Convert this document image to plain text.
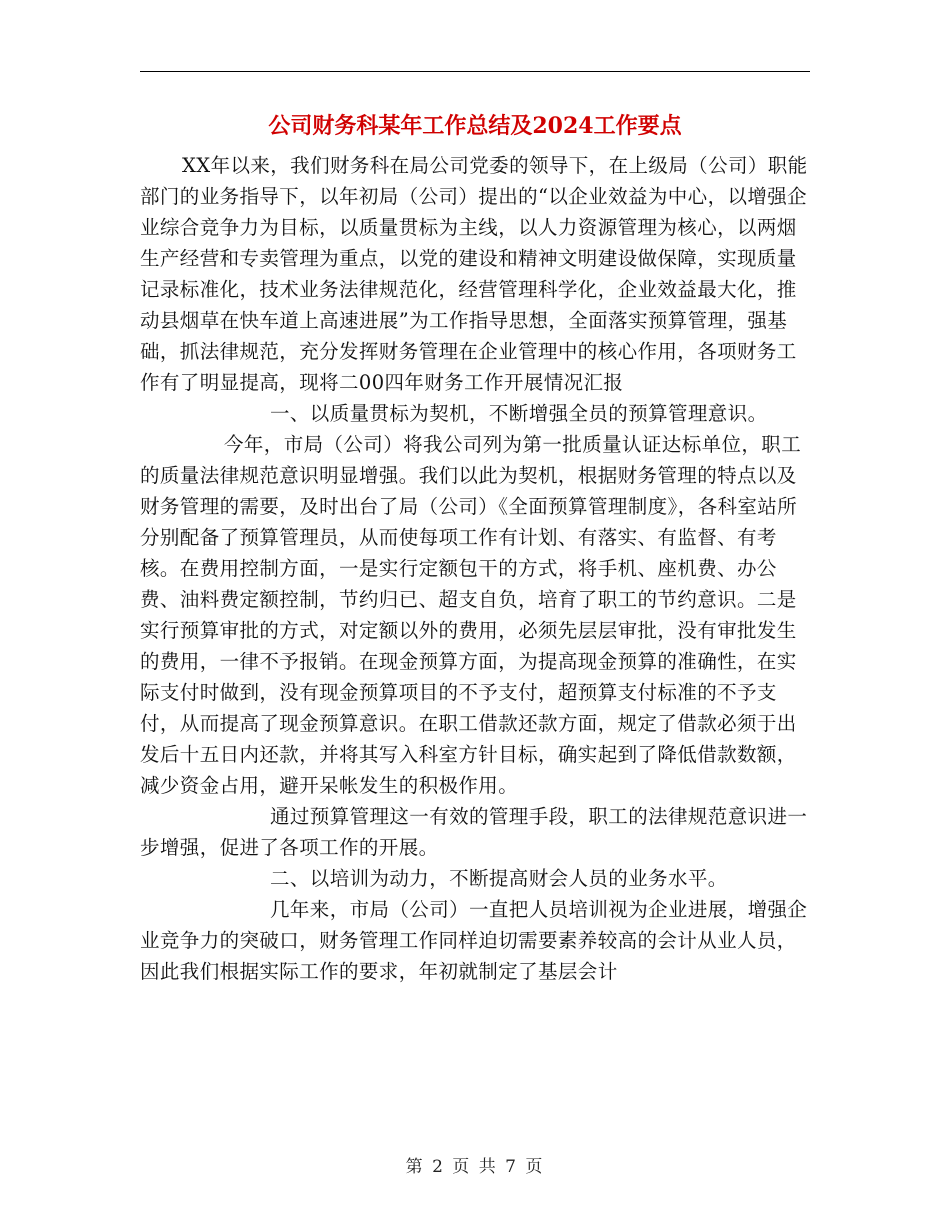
公司财务科某年工作总结及2024工作要点

XX年以来，我们财务科在局公司党委的领导下，在上级局（公司）职能部门的业务指导下，以年初局（公司）提出的“以企业效益为中心，以增强企业综合竞争力为目标，以质量贯标为主线，以人力资源管理为核心，以两烟生产经营和专卖管理为重点，以党的建设和精神文明建设做保障，实现质量记录标准化，技术业务法律规范化，经营管理科学化，企业效益最大化，推动县烟草在快车道上高速进展”为工作指导思想，全面落实预算管理，强基础，抓法律规范，充分发挥财务管理在企业管理中的核心作用，各项财务工作有了明显提高，现将二00四年财务工作开展情况汇报

一、以质量贯标为契机，不断增强全员的预算管理意识。

今年，市局（公司）将我公司列为第一批质量认证达标单位，职工的质量法律规范意识明显增强。我们以此为契机，根据财务管理的特点以及财务管理的需要，及时出台了局（公司）《全面预算管理制度》，各科室站所分别配备了预算管理员，从而使每项工作有计划、有落实、有监督、有考核。在费用控制方面，一是实行定额包干的方式，将手机、座机费、办公费、油料费定额控制，节约归已、超支自负，培育了职工的节约意识。二是实行预算审批的方式，对定额以外的费用，必须先层层审批，没有审批发生的费用，一律不予报销。在现金预算方面，为提高现金预算的准确性，在实际支付时做到，没有现金预算项目的不予支付，超预算支付标准的不予支付，从而提高了现金预算意识。在职工借款还款方面，规定了借款必须于出发后十五日内还款，并将其写入科室方针目标，确实起到了降低借款数额，减少资金占用，避开呆帐发生的积极作用。

通过预算管理这一有效的管理手段，职工的法律规范意识进一步增强，促进了各项工作的开展。

二、以培训为动力，不断提高财会人员的业务水平。

几年来，市局（公司）一直把人员培训视为企业进展，增强企业竞争力的突破口，财务管理工作同样迫切需要素养较高的会计从业人员，因此我们根据实际工作的要求，年初就制定了基层会计

第 2 页 共 7 页
